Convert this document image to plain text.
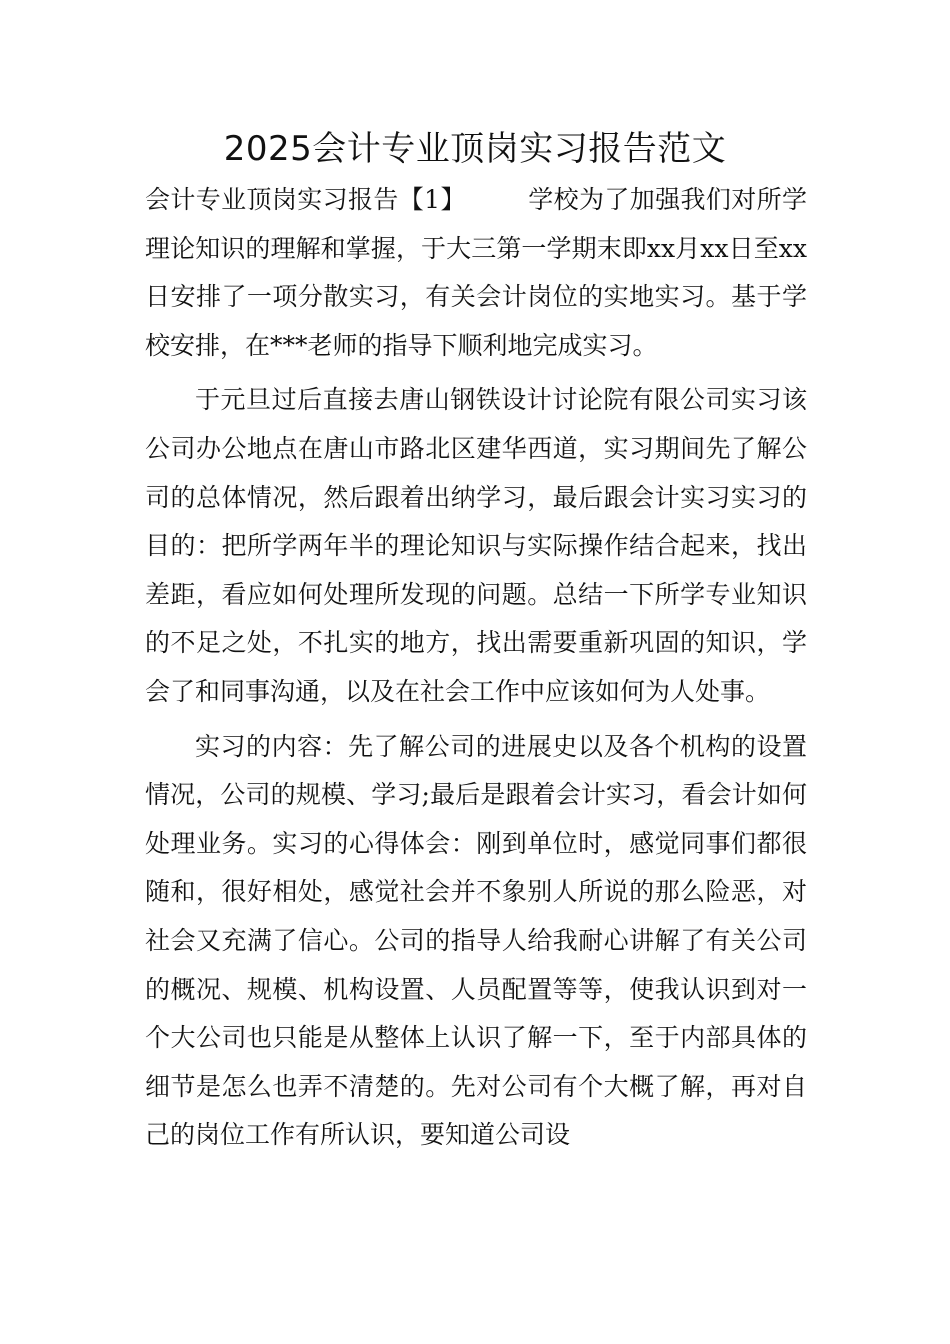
2025会计专业顶岗实习报告范文

会计专业顶岗实习报告【1】 学校为了加强我们对所学理论知识的理解和掌握，于大三第一学期末即xx月xx日至xx日安排了一项分散实习，有关会计岗位的实地实习。基于学校安排，在***老师的指导下顺利地完成实习。

于元旦过后直接去唐山钢铁设计讨论院有限公司实习该公司办公地点在唐山市路北区建华西道，实习期间先了解公司的总体情况，然后跟着出纳学习，最后跟会计实习实习的目的：把所学两年半的理论知识与实际操作结合起来，找出差距，看应如何处理所发现的问题。总结一下所学专业知识的不足之处，不扎实的地方，找出需要重新巩固的知识，学会了和同事沟通，以及在社会工作中应该如何为人处事。

实习的内容：先了解公司的进展史以及各个机构的设置情况，公司的规模、学习;最后是跟着会计实习，看会计如何处理业务。实习的心得体会：刚到单位时，感觉同事们都很随和，很好相处，感觉社会并不象别人所说的那么险恶，对社会又充满了信心。公司的指导人给我耐心讲解了有关公司的概况、规模、机构设置、人员配置等等，使我认识到对一个大公司也只能是从整体上认识了解一下，至于内部具体的细节是怎么也弄不清楚的。先对公司有个大概了解，再对自己的岗位工作有所认识，要知道公司设
